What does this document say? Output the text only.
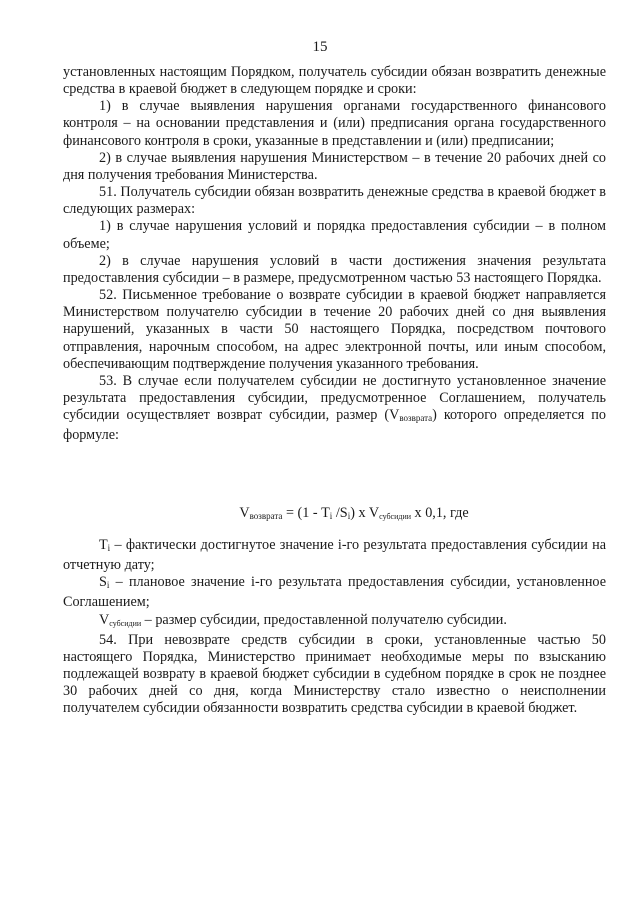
15

установленных настоящим Порядком, получатель субсидии обязан возвратить денежные средства в краевой бюджет в следующем порядке и сроки:

1) в случае выявления нарушения органами государственного финансового контроля – на основании представления и (или) предписания органа государственного финансового контроля в сроки, указанные в представлении и (или) предписании;

2) в случае выявления нарушения Министерством – в течение 20 рабочих дней со дня получения требования Министерства.

51. Получатель субсидии обязан возвратить денежные средства в краевой бюджет в следующих размерах:

1) в случае нарушения условий и порядка предоставления субсидии – в полном объеме;

2) в случае нарушения условий в части достижения значения результата предоставления субсидии – в размере, предусмотренном частью 53 настоящего Порядка.

52. Письменное требование о возврате субсидии в краевой бюджет направляется Министерством получателю субсидии в течение 20 рабочих дней со дня выявления нарушений, указанных в части 50 настоящего Порядка, посредством почтового отправления, нарочным способом, на адрес электронной почты, или иным способом, обеспечивающим подтверждение получения указанного требования.

53. В случае если получателем субсидии не достигнуто установленное значение результата предоставления субсидии, предусмотренное Соглашением, получатель субсидии осуществляет возврат субсидии, размер $(V_{возврата})$ которого определяется по формуле:

$V_{возврата} = (1 - T_i$ $/S_i$) x Vсубсидии x 0,1, где

$T_i$ – фактически достигнутое значение i-го результата предоставления субсидии на отчетную дату;

$S_i$ – плановое значение i-го результата предоставления субсидии, установленное Соглашением;

Vсубсидии – размер субсидии, предоставленной получателю субсидии.

54. При невозврате средств субсидии в сроки, установленные частью 50 настоящего Порядка, Министерство принимает необходимые меры по взысканию подлежащей возврату в краевой бюджет субсидии в судебном порядке в срок не позднее 30 рабочих дней со дня, когда Министерству стало известно о неисполнении получателем субсидии обязанности возвратить средства субсидии в краевой бюджет.
